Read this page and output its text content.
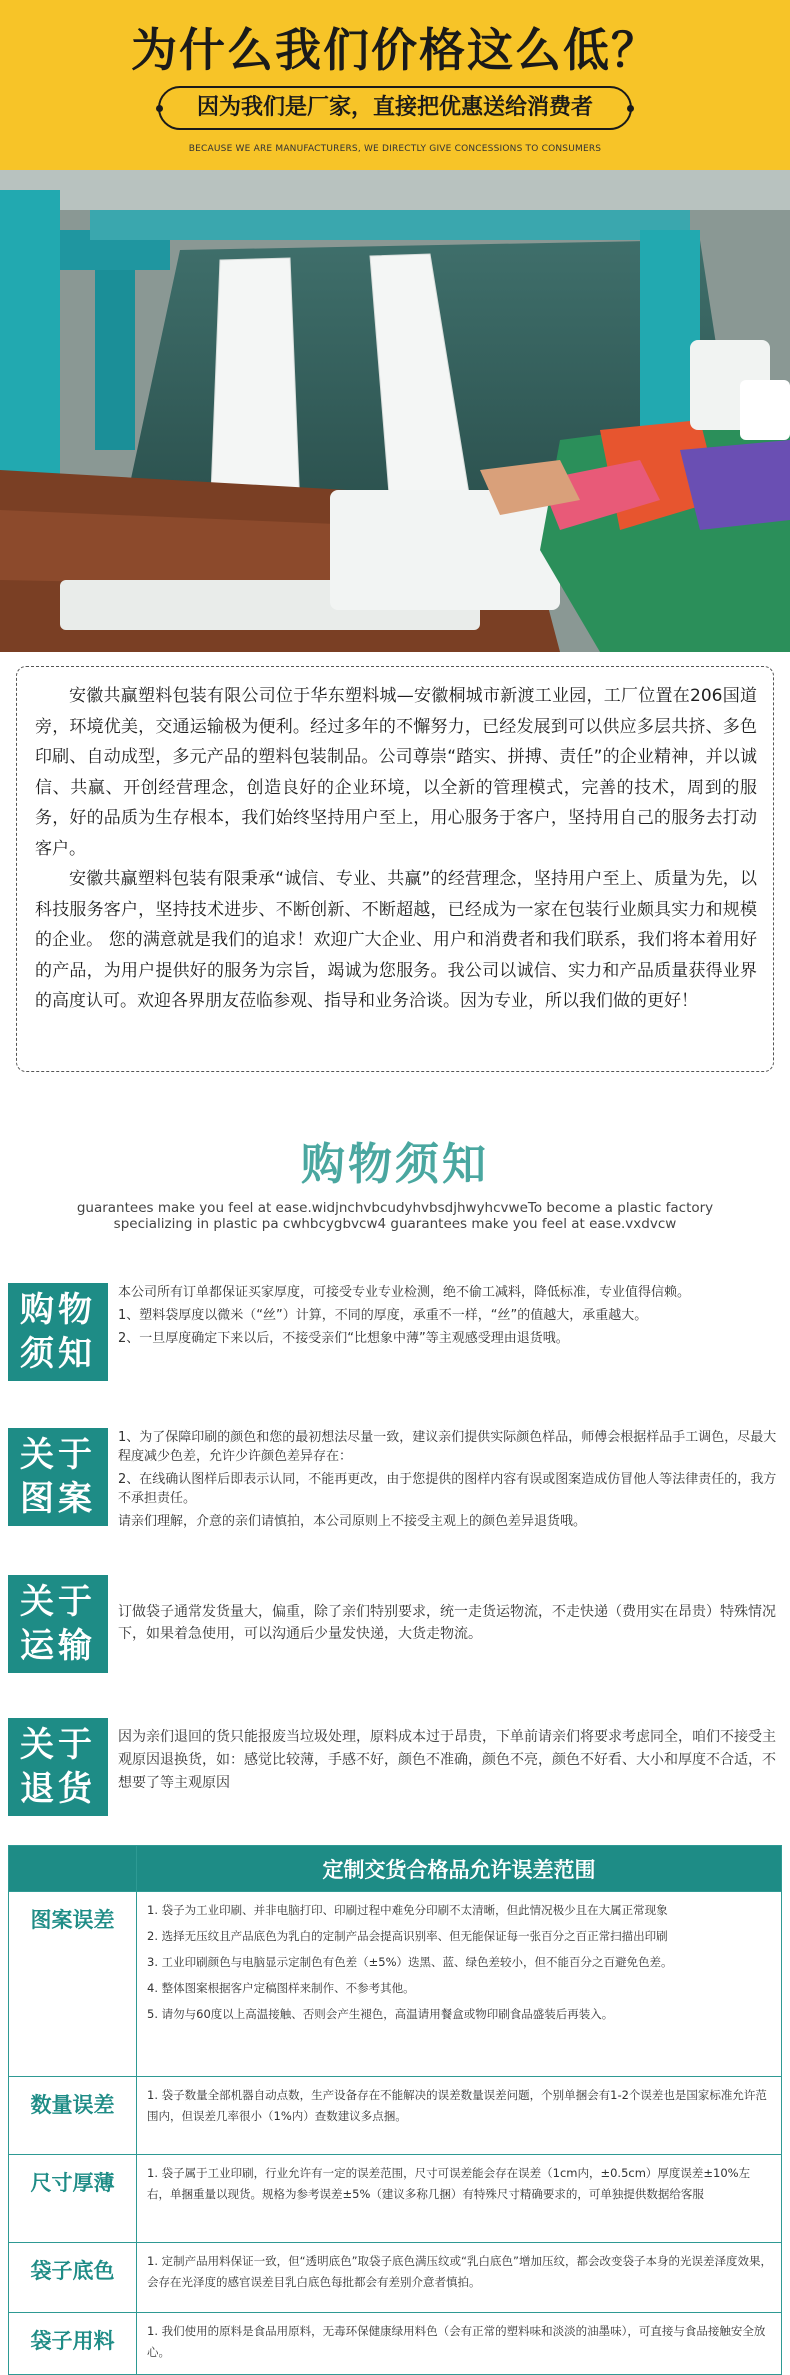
为什么我们价格这么低？
因为我们是厂家，直接把优惠送给消费者
BECAUSE WE ARE MANUFACTURERS, WE DIRECTLY GIVE CONCESSIONS TO CONSUMERS

安徽共赢塑料包装有限公司位于华东塑料城—安徽桐城市新渡工业园，工厂位置在206国道旁，环境优美，交通运输极为便利。经过多年的不懈努力，已经发展到可以供应多层共挤、多色印刷、自动成型，多元产品的塑料包装制品。公司尊崇“踏实、拼搏、责任”的企业精神，并以诚信、共赢、开创经营理念，创造良好的企业环境，以全新的管理模式，完善的技术，周到的服务，好的品质为生存根本，我们始终坚持用户至上，用心服务于客户，坚持用自己的服务去打动客户。

安徽共赢塑料包装有限秉承“诚信、专业、共赢”的经营理念，坚持用户至上、质量为先，以科技服务客户，坚持技术进步、不断创新、不断超越，已经成为一家在包装行业颇具实力和规模的企业。 您的满意就是我们的追求！欢迎广大企业、用户和消费者和我们联系，我们将本着用好的产品，为用户提供好的服务为宗旨，竭诚为您服务。我公司以诚信、实力和产品质量获得业界的高度认可。欢迎各界朋友莅临参观、指导和业务洽谈。因为专业，所以我们做的更好！

购物须知
guarantees make you feel at ease.widjnchvbcudyhvbsdjhwyhcvweTo become a plastic factory specializing in plastic pa cwhbcygbvcw4 guarantees make you feel at ease.vxdvcw
购物须知

本公司所有订单都保证买家厚度，可接受专业专业检测，绝不偷工减料，降低标准，专业值得信赖。

1、塑料袋厚度以微米（“丝”）计算，不同的厚度，承重不一样，“丝”的值越大，承重越大。

2、一旦厚度确定下来以后，不接受亲们“比想象中薄”等主观感受理由退货哦。

关于图案

1、为了保障印刷的颜色和您的最初想法尽量一致，建议亲们提供实际颜色样品，师傅会根据样品手工调色，尽最大程度减少色差，允许少许颜色差异存在：

2、在线确认图样后即表示认同，不能再更改，由于您提供的图样内容有误或图案造成仿冒他人等法律责任的，我方不承担责任。

请亲们理解，介意的亲们请慎拍，本公司原则上不接受主观上的颜色差异退货哦。

关于运输

订做袋子通常发货量大，偏重，除了亲们特别要求，统一走货运物流，不走快递（费用实在昂贵）特殊情况下，如果着急使用，可以沟通后少量发快递，大货走物流。

关于退货

因为亲们退回的货只能报废当垃圾处理，原料成本过于昂贵，下单前请亲们将要求考虑同全，咱们不接受主观原因退换货，如：感觉比较薄，手感不好，颜色不准确，颜色不亮，颜色不好看、大小和厚度不合适，不想要了等主观原因

	定制交货合格品允许误差范围
图案误差	1. 袋子为工业印刷、并非电脑打印、印刷过程中难免分印刷不太清晰，但此情况极少且在大属正常现象

2. 选择无压纹且产品底色为乳白的定制产品会提高识别率、但无能保证每一张百分之百正常扫描出印刷

3. 工业印刷颜色与电脑显示定制色有色差（±5%）迭黑、蓝、绿色差较小，但不能百分之百避免色差。

4. 整体图案根据客户定稿图样来制作、不参考其他。

5. 请勿与60度以上高温接触、否则会产生褪色，高温请用餐盒或物印刷食品盛装后再装入。

数量误差	1. 袋子数量全部机器自动点数，生产设备存在不能解决的误差数量误差问题，个别单捆会有1-2个误差也是国家标准允许范围内，但误差几率很小（1%内）查数建议多点捆。

尺寸厚薄	1. 袋子属于工业印刷，行业允许有一定的误差范围，尺寸可误差能会存在误差（1cm内，±0.5cm）厚度误差±10%左右，单捆重量以现货。规格为参考误差±5%（建议多称几捆）有特殊尺寸精确要求的，可单独提供数据给客服

袋子底色	1. 定制产品用料保证一致，但“透明底色”取袋子底色满压纹或“乳白底色”增加压纹，都会改变袋子本身的光误差泽度效果，会存在光泽度的感官误差目乳白底色每批都会有差别介意者慎拍。

袋子用料	1. 我们使用的原料是食品用原料，无毒环保健康绿用料色（会有正常的塑料味和淡淡的油墨味），可直接与食品接触安全放心。
